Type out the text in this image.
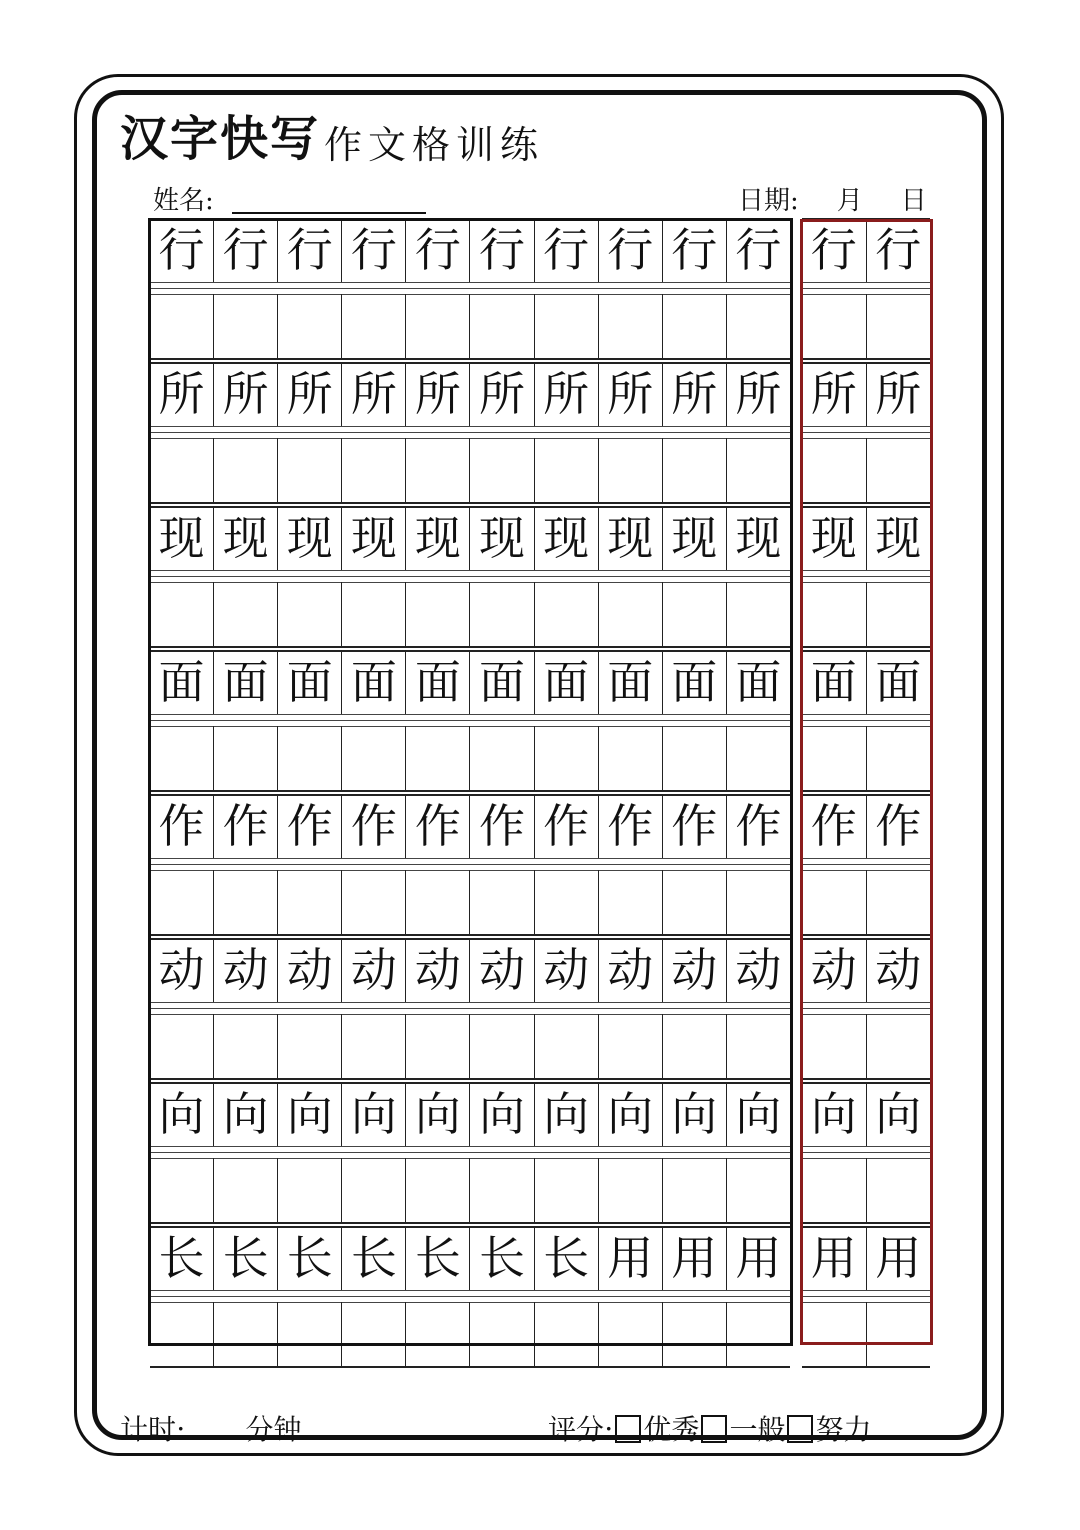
汉字快写 作文格训练
姓名:	日期: 月 日
行 行 行 行 行 行 行 行 行 行
所 所 所 所 所 所 所 所 所 所
现 现 现 现 现 现 现 现 现 现
面 面 面 面 面 面 面 面 面 面
作 作 作 作 作 作 作 作 作 作
动 动 动 动 动 动 动 动 动 动
向 向 向 向 向 向 向 向 向 向
长 长 长 长 长 长 长 用 用 用
行 行
所 所
现 现
面 面
作 作
动 动
向 向
用 用
计时: 分钟	评分: 优秀 一般 努力
